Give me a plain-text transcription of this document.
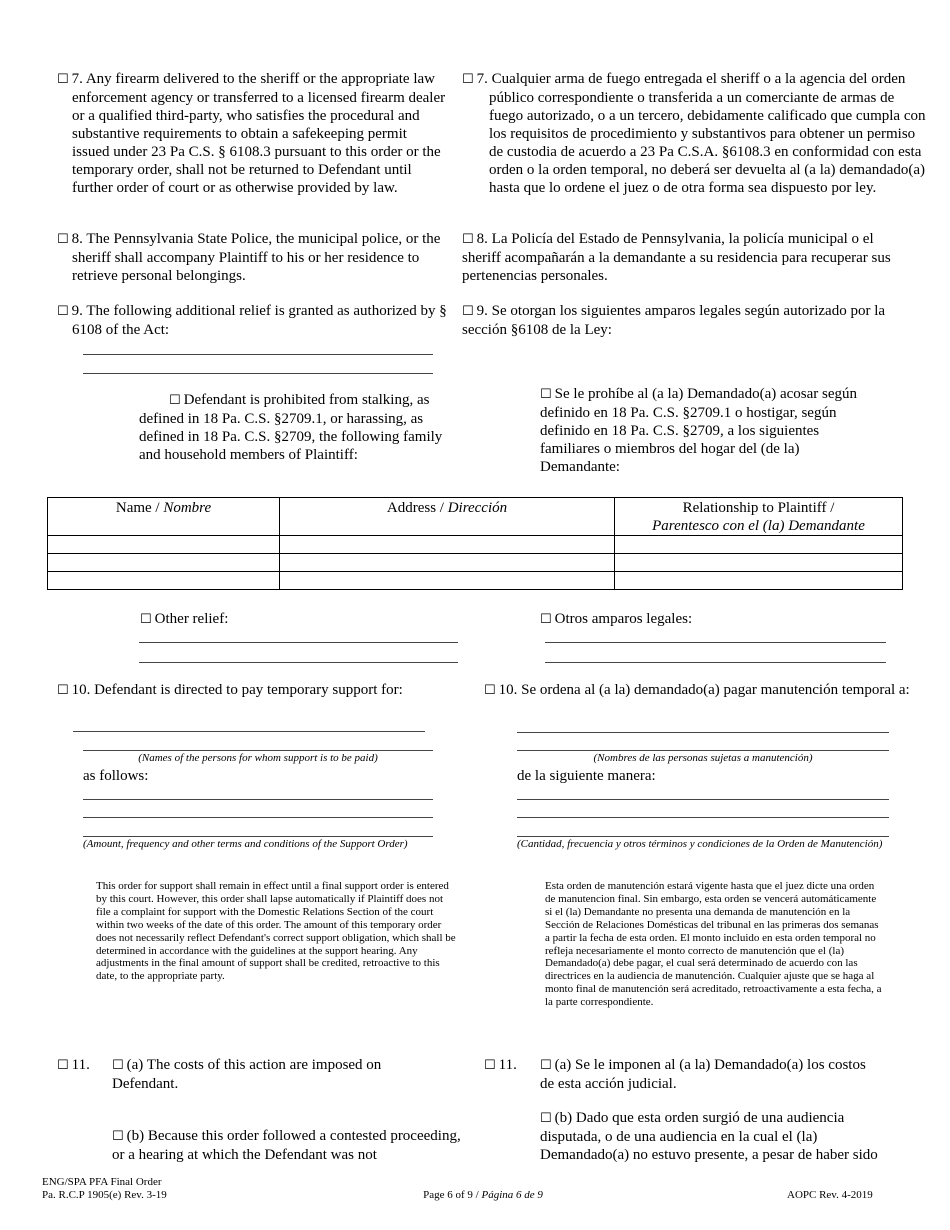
☐ 7. Any firearm delivered to the sheriff or the appropriate law enforcement agency or transferred to a licensed firearm dealer or a qualified third-party, who satisfies the procedural and substantive requirements to obtain a safekeeping permit issued under 23 Pa C.S. § 6108.3 pursuant to this order or the temporary order, shall not be returned to Defendant until further order of court or as otherwise provided by law.
☐ 7. Cualquier arma de fuego entregada el sheriff o a la agencia del orden público correspondiente o transferida a un comerciante de armas de fuego autorizado, o a un tercero, debidamente calificado que cumpla con los requisitos de procedimiento y substantivos para obtener un permiso de custodia de acuerdo a 23 Pa C.S.A. §6108.3 en conformidad con esta orden o la orden temporal, no deberá ser devuelta al (a la) demandado(a) hasta que lo ordene el juez o de otra forma sea dispuesto por ley.
☐ 8. The Pennsylvania State Police, the municipal police, or the sheriff shall accompany Plaintiff to his or her residence to retrieve personal belongings.
☐ 8. La Policía del Estado de Pennsylvania, la policía municipal o el sheriff acompañarán a la demandante a su residencia para recuperar sus pertenencias personales.
☐ 9. The following additional relief is granted as authorized by § 6108 of the Act:
☐ 9. Se otorgan los siguientes amparos legales según autorizado por la sección §6108 de la Ley:
☐ Defendant is prohibited from stalking, as defined in 18 Pa. C.S. §2709.1, or harassing, as defined in 18 Pa. C.S. §2709, the following family and household members of Plaintiff:
☐ Se le prohíbe al (a la) Demandado(a) acosar según definido en 18 Pa. C.S. §2709.1 o hostigar, según definido en 18 Pa. C.S. §2709, a los siguientes familiares o miembros del hogar del (de la) Demandante:
Name / Nombre	Address / Dirección	Relationship to Plaintiff /
Parentesco con el (la) Demandante

☐ Other relief:	☐ Otros amparos legales:
☐ 10. Defendant is directed to pay temporary support for:	☐ 10. Se ordena al (a la) demandado(a) pagar manutención temporal a:
(Names of the persons for whom support is to be paid)
as follows:
(Amount, frequency and other terms and conditions of the Support Order)
(Nombres de las personas sujetas a manutención)
de la siguiente manera:
(Cantidad, frecuencia y otros términos y condiciones de la Orden de Manutención)
This order for support shall remain in effect until a final support order is entered by this court. However, this order shall lapse automatically if Plaintiff does not file a complaint for support with the Domestic Relations Section of the court within two weeks of the date of this order. The amount of this temporary order does not necessarily reflect Defendant's correct support obligation, which shall be determined in accordance with the guidelines at the support hearing. Any adjustments in the final amount of support shall be credited, retroactive to this date, to the appropriate party.
Esta orden de manutención estará vigente hasta que el juez dicte una orden de manutencion final. Sin embargo, esta orden se vencerá automáticamente si el (la) Demandante no presenta una demanda de manutención en la Sección de Relaciones Domésticas del tribunal en las primeras dos semanas a partir la fecha de esta orden. El monto incluido en esta orden temporal no refleja necesariamente el monto correcto de manutención que el (la) Demandado(a) debe pagar, el cual será determinado de acuerdo con las directrices en la audiencia de manutención. Cualquier ajuste que se haga al monto final de manutención será acreditado, retroactivamente a esta fecha, a la parte correspondiente.
☐ 11. ☐ (a) The costs of this action are imposed on Defendant.
☐ (b) Because this order followed a contested proceeding, or a hearing at which the Defendant was not
☐ 11. ☐ (a) Se le imponen al (a la) Demandado(a) los costos de esta acción judicial.
☐ (b) Dado que esta orden surgió de una audiencia disputada, o de una audiencia en la cual el (la) Demandado(a) no estuvo presente, a pesar de haber sido
ENG/SPA PFA Final Order
Pa. R.C.P 1905(e) Rev. 3-19	Page 6 of 9 / Página 6 de 9	AOPC Rev. 4-2019
